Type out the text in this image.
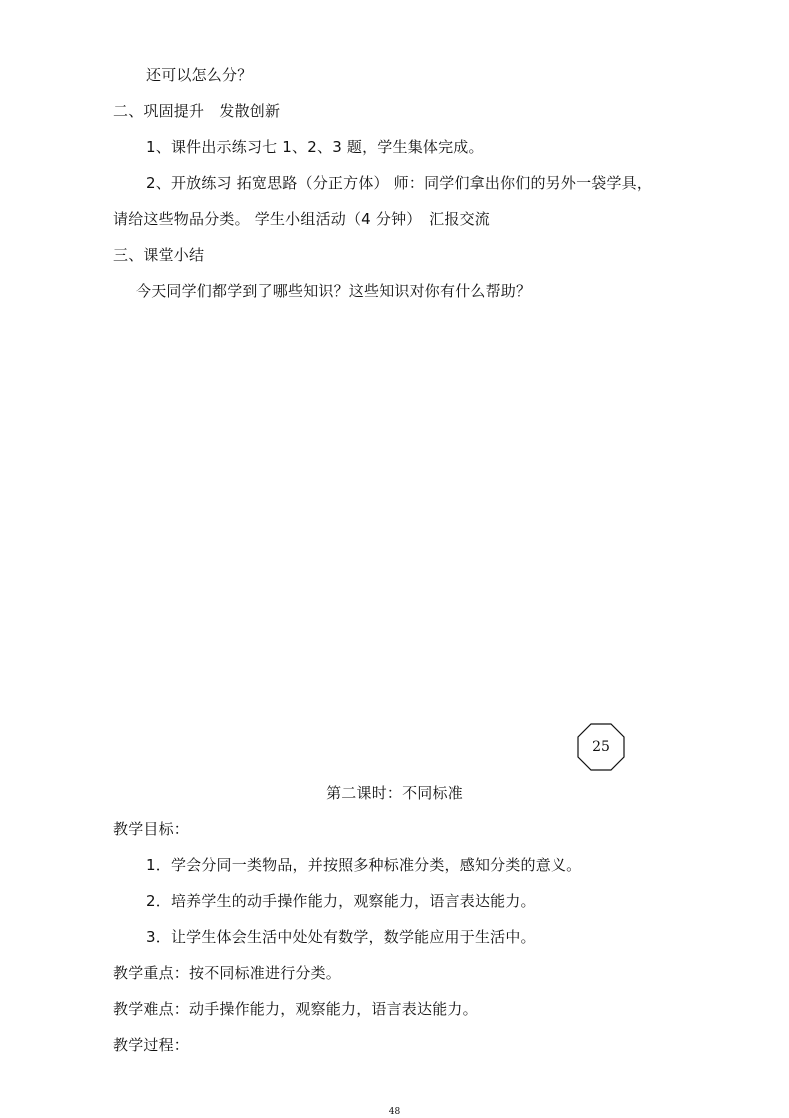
还可以怎么分？
二、巩固提升　发散创新
1、课件出示练习七 1、2、3 题，学生集体完成。
2、开放练习 拓宽思路（分正方体） 师：同学们拿出你们的另外一袋学具，
请给这些物品分类。 学生小组活动（4 分钟）　汇报交流
三、课堂小结
今天同学们都学到了哪些知识？这些知识对你有什么帮助？
25
第二课时：不同标准
教学目标：
1．学会分同一类物品，并按照多种标准分类，感知分类的意义。
2．培养学生的动手操作能力，观察能力，语言表达能力。
3．让学生体会生活中处处有数学，数学能应用于生活中。
教学重点：按不同标准进行分类。
教学难点：动手操作能力，观察能力，语言表达能力。
教学过程：
48
